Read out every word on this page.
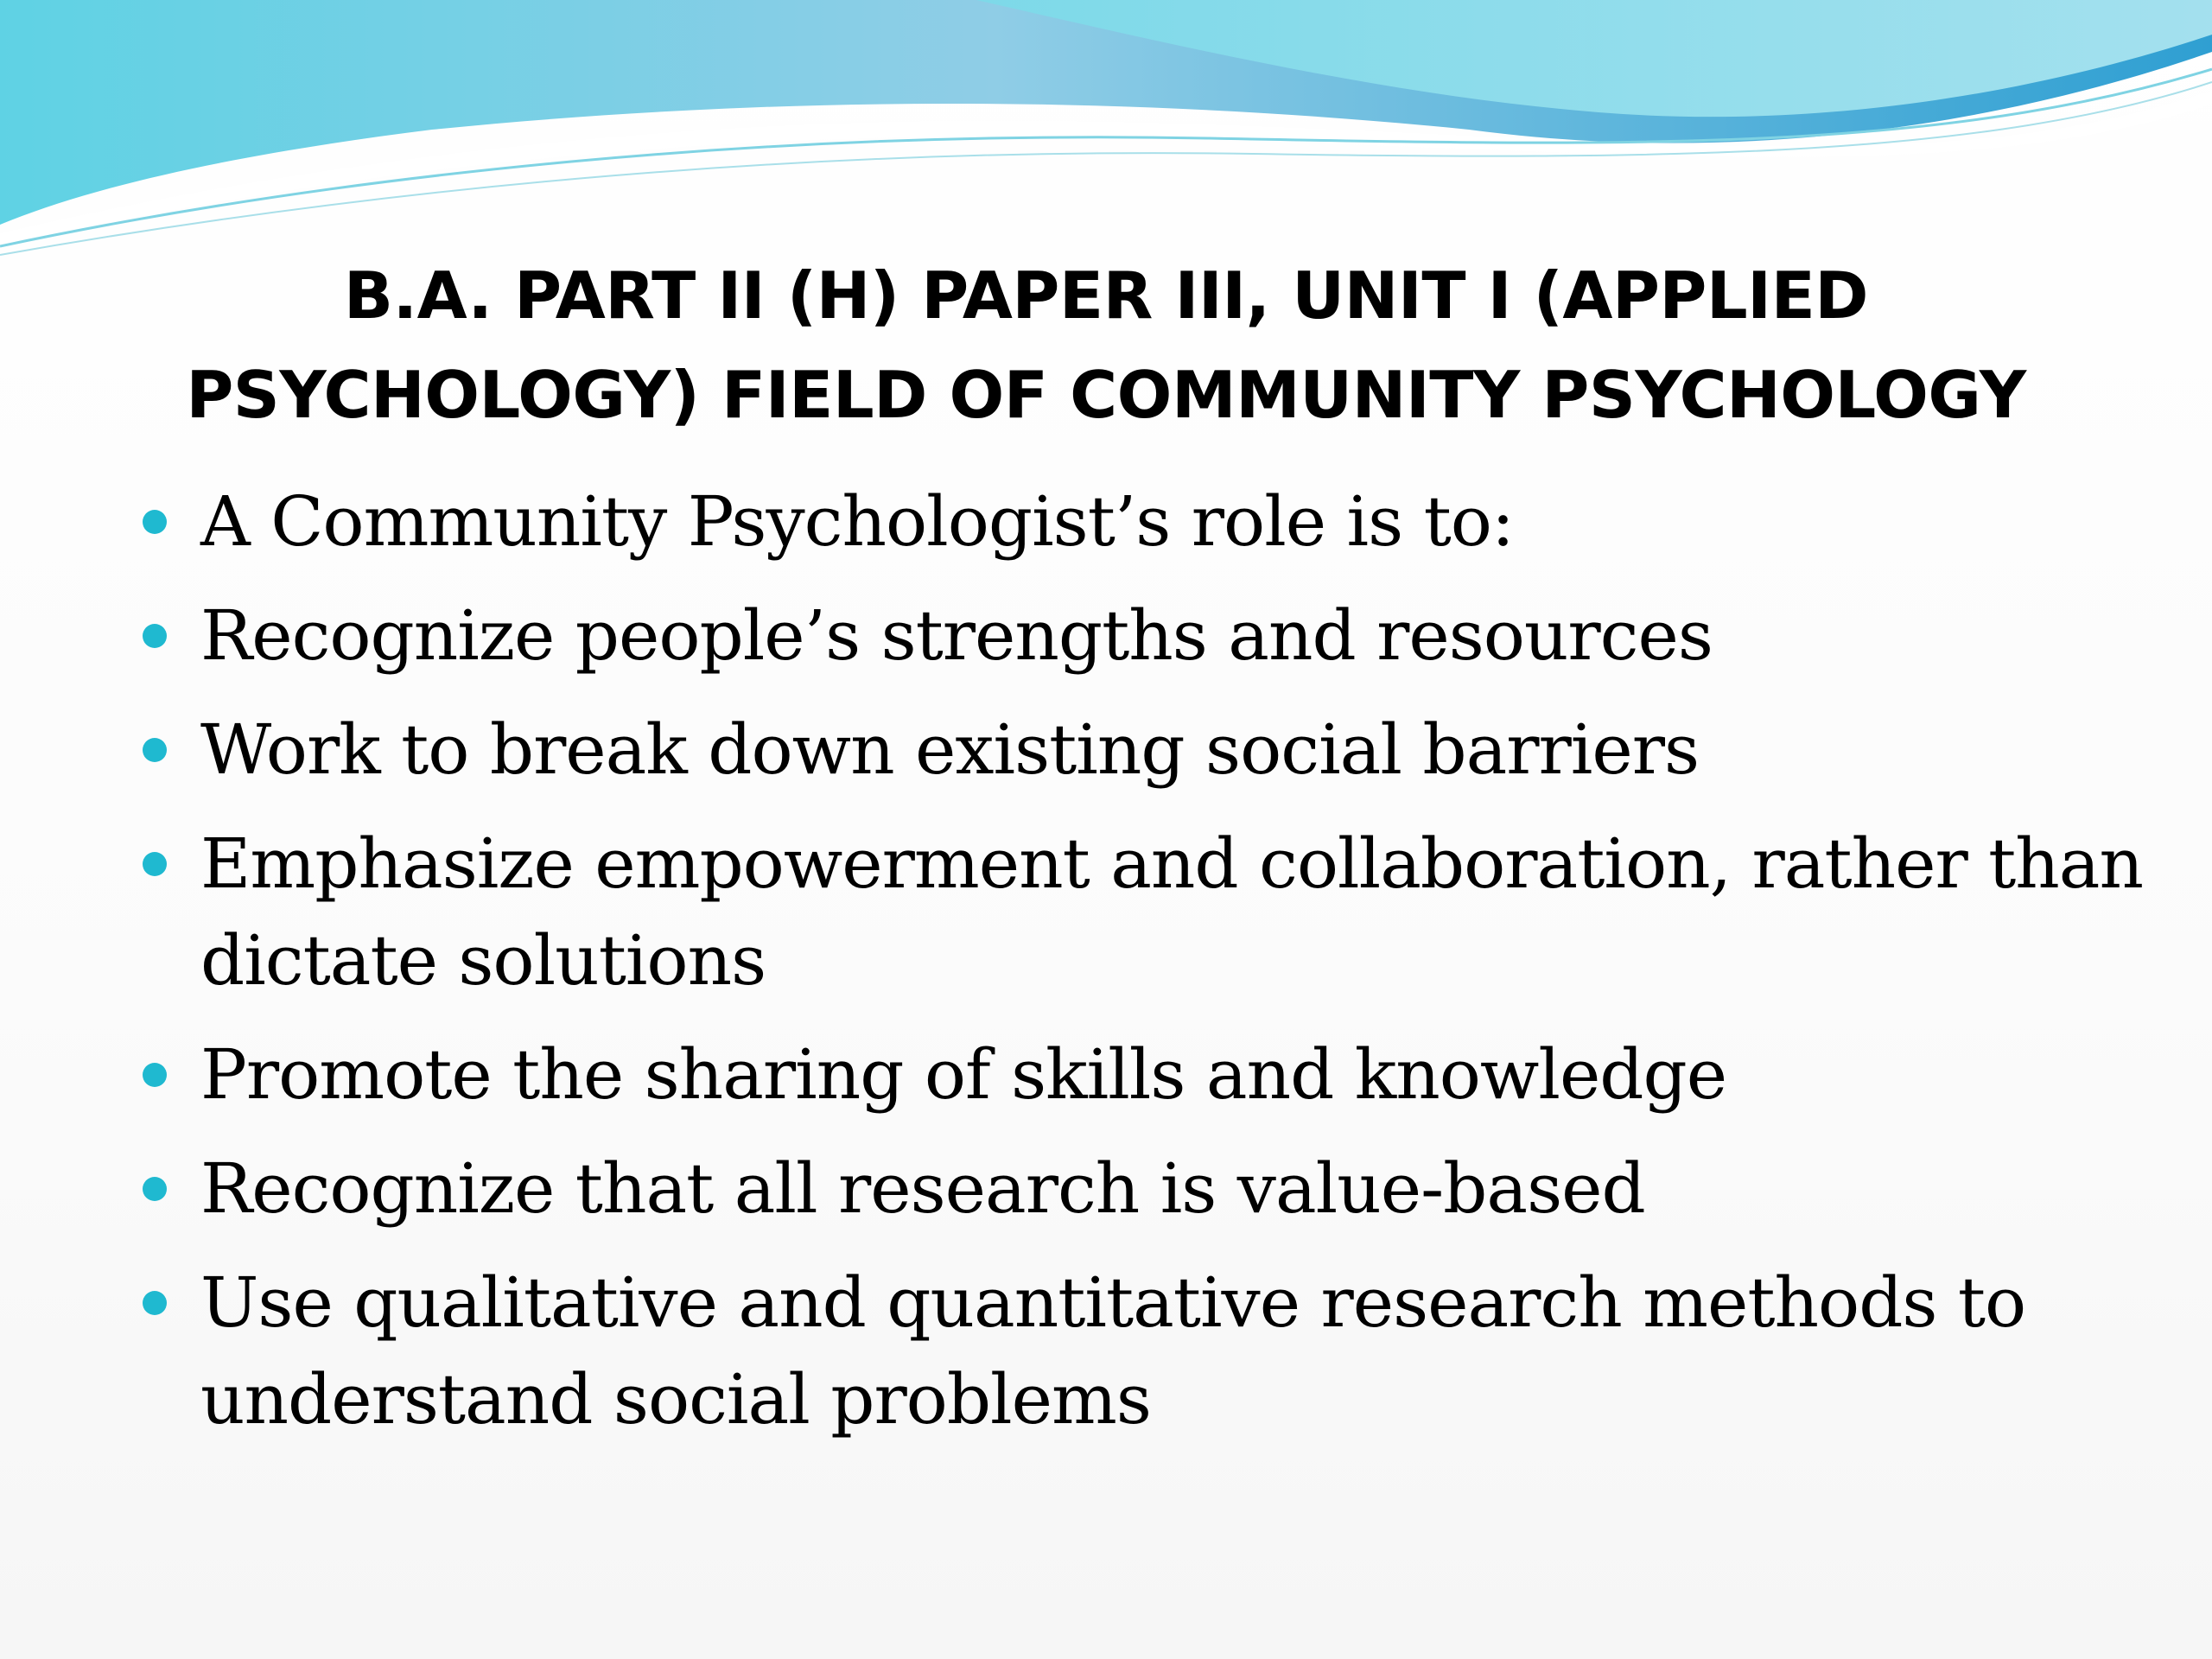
B.A. PART II (H) PAPER III, UNIT I (APPLIED PSYCHOLOGY) FIELD OF COMMUNITY PSYCHOLOGY
A Community Psychologist’s role is to:
Recognize people’s strengths and resources
Work to break down existing social barriers
Emphasize empowerment and collaboration, rather than dictate solutions
Promote the sharing of skills and knowledge
Recognize that all research is value-based
Use qualitative and quantitative research methods to understand social problems
